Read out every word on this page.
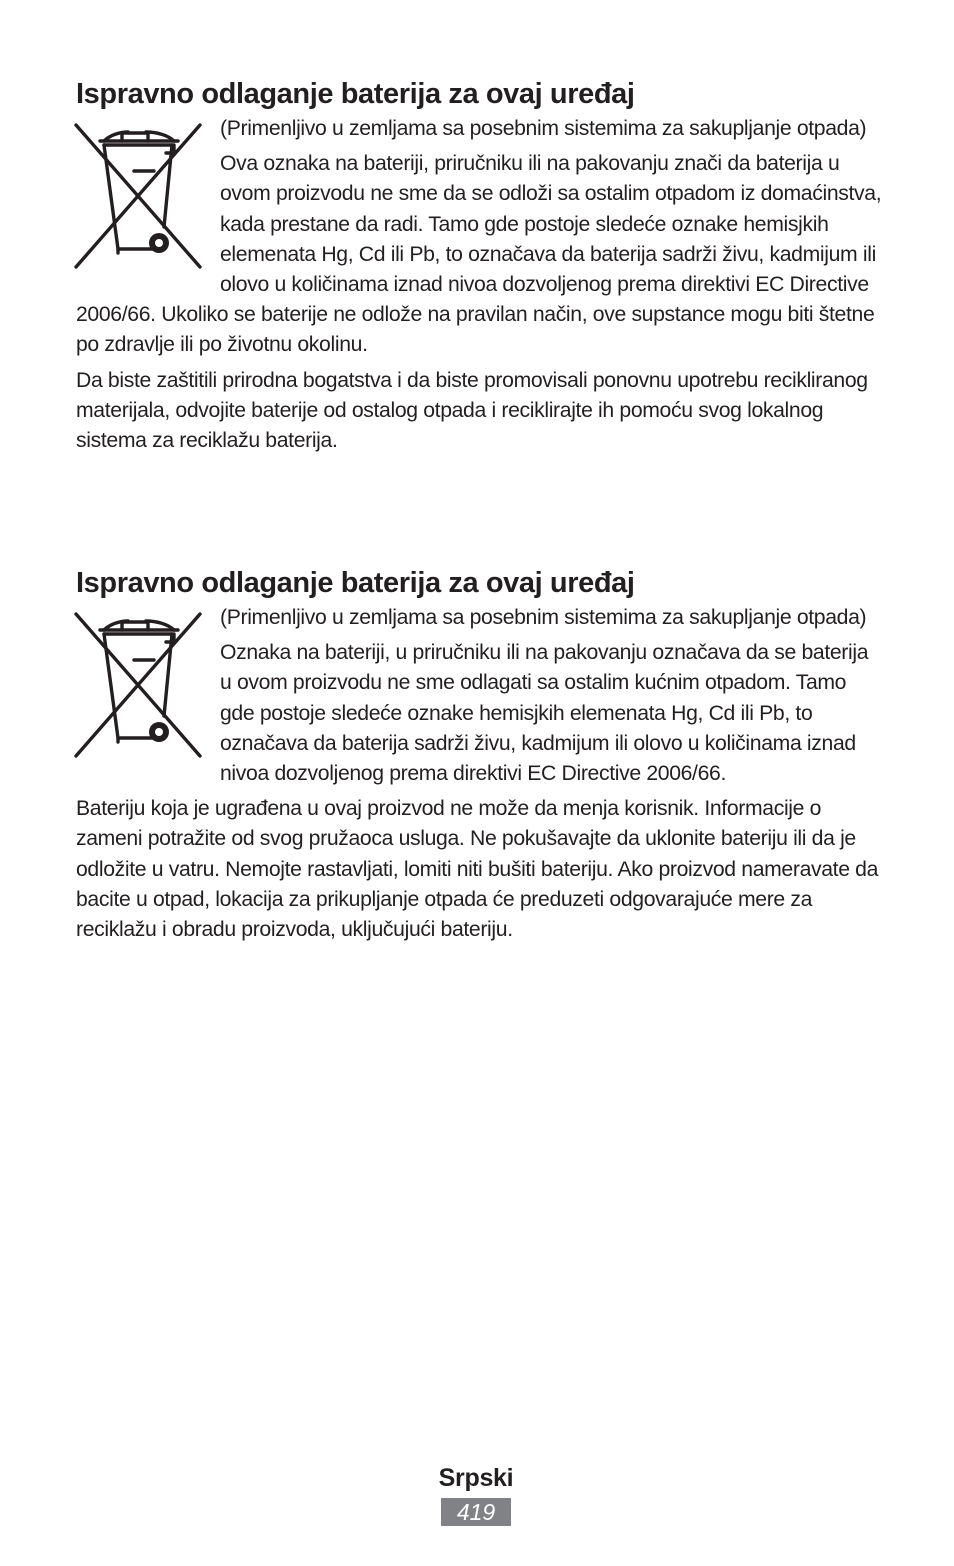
Ispravno odlaganje baterija za ovaj uređaj

(Primenljivo u zemljama sa posebnim sistemima za sakupljanje otpada)

Ova oznaka na bateriji, priručniku ili na pakovanju znači da baterija u ovom proizvodu ne sme da se odloži sa ostalim otpadom iz domaćinstva, kada prestane da radi. Tamo gde postoje sledeće oznake hemisjkih elemenata Hg, Cd ili Pb, to označava da baterija sadrži živu, kadmijum ili olovo u količinama iznad nivoa dozvoljenog prema direktivi EC Directive 2006/66. Ukoliko se baterije ne odlože na pravilan način, ove supstance mogu biti štetne po zdravlje ili po životnu okolinu.

Da biste zaštitili prirodna bogatstva i da biste promovisali ponovnu upotrebu recikliranog materijala, odvojite baterije od ostalog otpada i reciklirajte ih pomoću svog lokalnog sistema za reciklažu baterija.

Ispravno odlaganje baterija za ovaj uređaj

(Primenljivo u zemljama sa posebnim sistemima za sakupljanje otpada)

Oznaka na bateriji, u priručniku ili na pakovanju označava da se baterija u ovom proizvodu ne sme odlagati sa ostalim kućnim otpadom. Tamo gde postoje sledeće oznake hemisjkih elemenata Hg, Cd ili Pb, to označava da baterija sadrži živu, kadmijum ili olovo u količinama iznad nivoa dozvoljenog prema direktivi EC Directive 2006/66.

Bateriju koja je ugrađena u ovaj proizvod ne može da menja korisnik. Informacije o zameni potražite od svog pružaoca usluga. Ne pokušavajte da uklonite bateriju ili da je odložite u vatru. Nemojte rastavljati, lomiti niti bušiti bateriju. Ako proizvod nameravate da bacite u otpad, lokacija za prikupljanje otpada će preduzeti odgovarajuće mere za reciklažu i obradu proizvoda, uključujući bateriju.

Srpski
419
